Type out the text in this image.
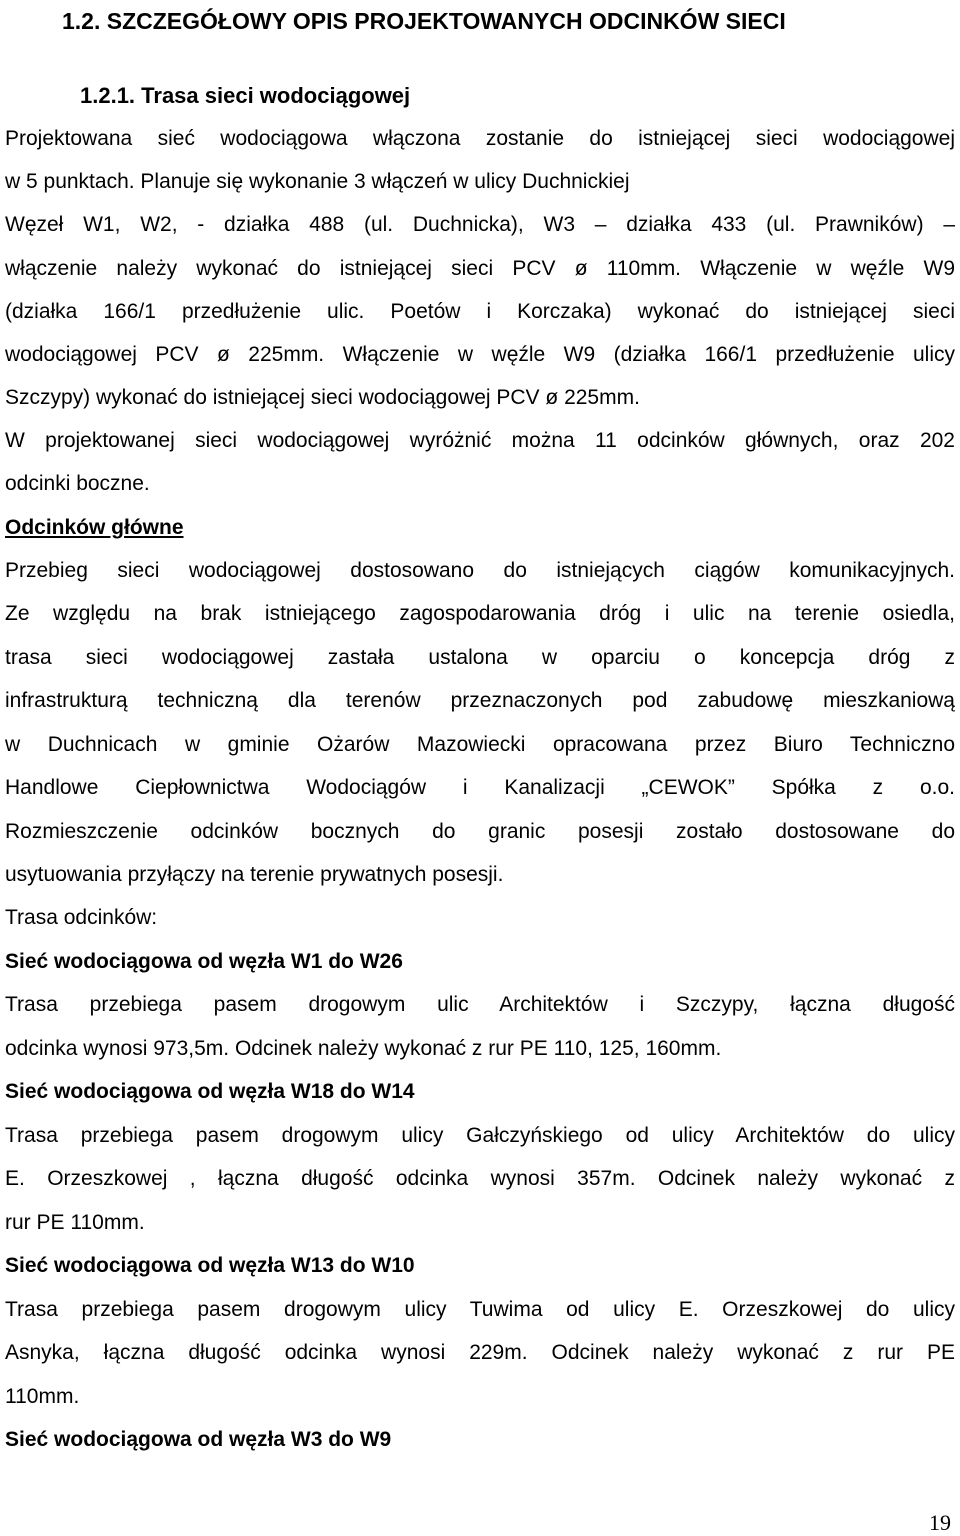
1.2. SZCZEGÓŁOWY OPIS PROJEKTOWANYCH ODCINKÓW SIECI
1.2.1. Trasa sieci wodociągowej
Projektowana sieć wodociągowa włączona zostanie do istniejącej sieci wodociągowej
w 5 punktach. Planuje się wykonanie 3 włączeń w ulicy Duchnickiej
Węzeł W1, W2, - działka 488 (ul. Duchnicka), W3 – działka 433 (ul. Prawników) –
włączenie należy wykonać do istniejącej sieci PCV ø 110mm. Włączenie w węźle W9
(działka 166/1 przedłużenie ulic. Poetów i Korczaka) wykonać do istniejącej sieci
wodociągowej PCV ø 225mm. Włączenie w węźle W9 (działka 166/1 przedłużenie ulicy
Szczypy) wykonać do istniejącej sieci wodociągowej PCV ø 225mm.
W projektowanej sieci wodociągowej wyróżnić można 11 odcinków głównych, oraz 202
odcinki boczne.
Odcinków główne
Przebieg sieci wodociągowej dostosowano do istniejących ciągów komunikacyjnych.
Ze względu na brak istniejącego zagospodarowania dróg i ulic na terenie osiedla,
trasa sieci wodociągowej zastała ustalona w oparciu o koncepcja dróg z
infrastrukturą techniczną dla terenów przeznaczonych pod zabudowę mieszkaniową
w Duchnicach w gminie Ożarów Mazowiecki opracowana przez Biuro Techniczno
Handlowe Ciepłownictwa Wodociągów i Kanalizacji „CEWOK” Spółka z o.o.
Rozmieszczenie odcinków bocznych do granic posesji zostało dostosowane do
usytuowania przyłączy na terenie prywatnych posesji.
Trasa odcinków:
Sieć wodociągowa od węzła W1 do W26
Trasa przebiega pasem drogowym ulic Architektów i Szczypy, łączna długość
odcinka wynosi 973,5m. Odcinek należy wykonać z rur PE 110, 125, 160mm.
Sieć wodociągowa od węzła W18 do W14
Trasa przebiega pasem drogowym ulicy Gałczyńskiego od ulicy Architektów do ulicy
E. Orzeszkowej , łączna długość odcinka wynosi 357m. Odcinek należy wykonać z
rur PE 110mm.
Sieć wodociągowa od węzła W13 do W10
Trasa przebiega pasem drogowym ulicy Tuwima od ulicy E. Orzeszkowej do ulicy
Asnyka, łączna długość odcinka wynosi 229m. Odcinek należy wykonać z rur PE
110mm.
Sieć wodociągowa od węzła W3 do W9
19
